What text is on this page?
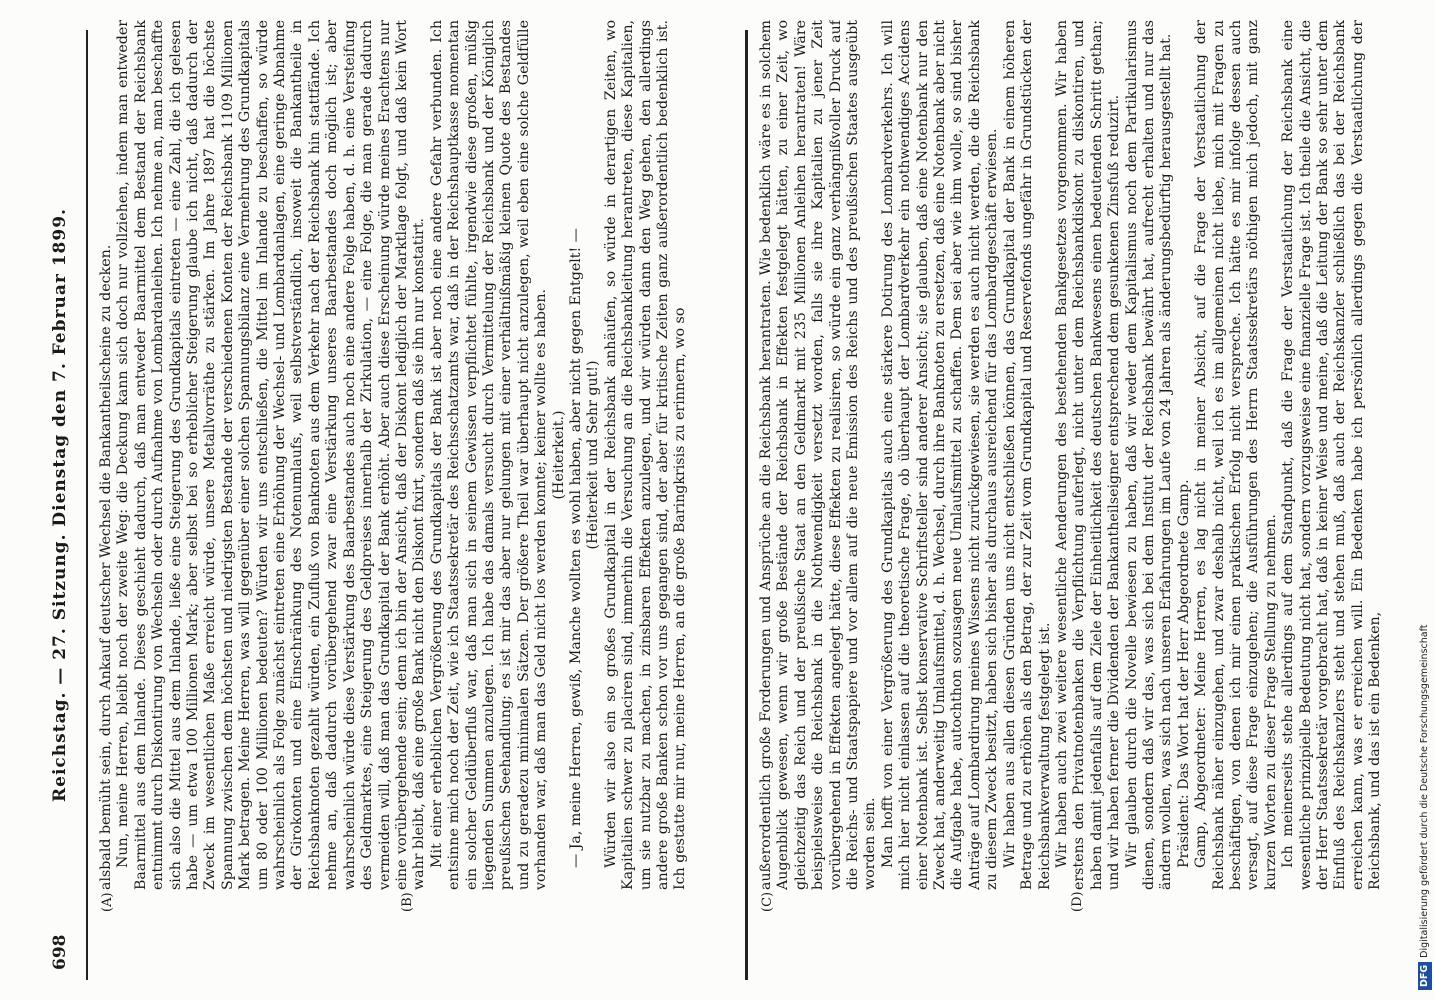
698
Reichstag. — 27. Sitzung. Dienstag den 7. Februar 1899.
(A)	(B)	(C)	(D)

alsbald bemüht sein, durch Ankauf deutscher Wechsel die Bankantheilscheine zu decken. Nun, meine Herren, bleibt noch der zweite Weg: die Deckung kann sich doch nur vollziehen, indem man entweder Baarmittel aus dem Inlande. Dieses geschieht dadurch, daß man entweder Baarmittel dem Bestand der Reichsbank entnimmt durch Diskontirung von Wechseln oder durch Aufnahme von Lombardanleihen. Ich nehme an, man beschaffte sich also die Mittel aus dem Inlande, ließe eine Steigerung des Grundkapitals eintreten — eine Zahl, die ich gelesen habe — um etwa 100 Millionen Mark; aber selbst bei so erheblicher Steigerung glaube ich nicht, daß dadurch der Zweck im wesentlichen Maße erreicht würde, unsere Metallvorräthe zu stärken. Im Jahre 1897 hat die höchste Spannung zwischen dem höchsten und niedrigsten Bestande der verschiedenen Konten der Reichsbank 1109 Millionen Mark betragen. Meine Herren, was will gegenüber einer solchen Spannungsbilanz eine Vermehrung des Grundkapitals um 80 oder 100 Millionen bedeuten? Würden wir uns entschließen, die Mittel im Inlande zu beschaffen, so würde wahrscheinlich als Folge zunächst eintreten eine Erhöhung der Wechsel- und Lombardanlagen, eine geringe Abnahme der Girokonten und eine Einschränkung des Notenumlaufs, weil selbstverständlich, insoweit die Bankantheile in Reichsbanknoten gezahlt würden, ein Zufluß von Banknoten aus dem Verkehr nach der Reichsbank hin stattfände. Ich nehme an, daß dadurch vorübergehend zwar eine Verstärkung unseres Baarbestandes doch möglich ist; aber wahrscheinlich würde diese Verstärkung des Baarbestandes auch noch eine andere Folge haben, d. h. eine Versteifung des Geldmarktes, eine Steigerung des Geldpreises innerhalb der Zirkulation, — eine Folge, die man gerade dadurch vermeiden will, daß man das Grundkapital der Bank erhöht. Aber auch diese Erscheinung würde meines Erachtens nur eine vorübergehende sein; denn ich bin der Ansicht, daß der Diskont lediglich der Marktlage folgt, und daß kein Wort wahr bleibt, daß eine große Bank nicht den Diskont fixirt, sondern daß sie ihn nur konstatirt. Mit einer erheblichen Vergrößerung des Grundkapitals der Bank ist aber noch eine andere Gefahr verbunden. Ich entsinne mich noch der Zeit, wie ich Staatssekretär des Reichsschatzamts war, daß in der Reichshauptkasse momentan ein solcher Geldüberfluß war, daß man sich in seinem Gewissen verpflichtet fühlte, irgendwie diese großen, müßig liegenden Summen anzulegen. Ich habe das damals versucht durch Vermittelung der Reichsbank und der Königlich preußischen Seehandlung; es ist mir das aber nur gelungen mit einer verhältnißmäßig kleinen Quote des Bestandes und zu geradezu minimalen Sätzen. Der größere Theil war überhaupt nicht anzulegen, weil eben eine solche Geldfülle vorhanden war, daß man das Geld nicht los werden konnte; keiner wollte es haben. (Heiterkeit.) — Ja, meine Herren, gewiß, Manche wollten es wohl haben, aber nicht gegen Entgelt! — (Heiterkeit und Sehr gut!) Würden wir also ein so großes Grundkapital in der Reichsbank anhäufen, so würde in derartigen Zeiten, wo Kapitalien schwer zu placiren sind, immerhin die Versuchung an die Reichsbankleitung herantreten, diese Kapitalien, um sie nutzbar zu machen, in zinsbaren Effekten anzulegen, und wir würden dann den Weg gehen, den allerdings andere große Banken schon vor uns gegangen sind, der aber für kritische Zeiten ganz außerordentlich bedenklich ist. Ich gestatte mir nur, meine Herren, an die große Baringkrisis zu erinnern, wo so	außerordentlich große Forderungen und Ansprüche an die Reichsbank herantraten. Wie bedenklich wäre es in solchem Augenblick gewesen, wenn wir große Bestände der Reichsbank in Effekten festgelegt hätten, zu einer Zeit, wo gleichzeitig das Reich und der preußische Staat an den Geldmarkt mit 235 Millionen Anleihen herantraten! Wäre beispielsweise die Reichsbank in die Nothwendigkeit versetzt worden, falls sie ihre Kapitalien zu jener Zeit vorübergehend in Effekten angelegt hätte, diese Effekten zu realisiren, so würde ein ganz verhängnißvoller Druck auf die Reichs- und Staatspapiere und vor allem auf die neue Emission des Reichs und des preußischen Staates ausgeübt worden sein. Man hofft von einer Vergrößerung des Grundkapitals auch eine stärkere Dotirung des Lombardverkehrs. Ich will mich hier nicht einlassen auf die theoretische Frage, ob überhaupt der Lombardverkehr ein nothwendiges Accidens einer Notenbank ist. Selbst konservative Schriftsteller sind anderer Ansicht; sie glauben, daß eine Notenbank nur den Zweck hat, anderweitig Umlaufsmittel, d. h. Wechsel, durch ihre Banknoten zu ersetzen, daß eine Notenbank aber nicht die Aufgabe habe, autochthon sozusagen neue Umlaufsmittel zu schaffen. Dem sei aber wie ihm wolle, so sind bisher Anträge auf Lombardirung meines Wissens nicht zurückgewiesen, sie werden es auch nicht werden, die die Reichsbank zu diesem Zweck besitzt, haben sich bisher als durchaus ausreichend für das Lombardgeschäft erwiesen. Wir haben aus allen diesen Gründen uns nicht entschließen können, das Grundkapital der Bank in einem höheren Betrage und zu erhöhen als den Betrag, der zur Zeit vom Grundkapital und Reservefonds ungefähr in Grundstücken der Reichsbankverwaltung festgelegt ist. Wir haben auch zwei weitere wesentliche Aenderungen des bestehenden Bankgesetzes vorgenommen. Wir haben erstens den Privatnotenbanken die Verpflichtung auferlegt, nicht unter dem Reichsbankdiskont zu diskontiren, und haben damit jedenfalls auf dem Ziele der Einheitlichkeit des deutschen Bankwesens einen bedeutenden Schritt gethan; und wir haben ferner die Dividenden der Bankantheilseigner entsprechend dem gesunkenen Zinsfuß reduzirt. Wir glauben durch die Novelle bewiesen zu haben, daß wir weder dem Kapitalismus noch dem Partikularismus dienen, sondern daß wir das, was sich bei dem Institut der Reichsbank bewährt hat, aufrecht erhalten und nur das ändern wollen, was sich nach unseren Erfahrungen im Laufe von 24 Jahren als änderungsbedürftig herausgestellt hat. Präsident: Das Wort hat der Herr Abgeordnete Gamp. Gamp, Abgeordneter: Meine Herren, es lag nicht in meiner Absicht, auf die Frage der Verstaatlichung der Reichsbank näher einzugehen, und zwar deshalb nicht, weil ich es im allgemeinen nicht liebe, mich mit Fragen zu beschäftigen, von denen ich mir einen praktischen Erfolg nicht verspreche. Ich hätte es mir infolge dessen auch versagt, auf diese Frage einzugehen; die Ausführungen des Herrn Staatssekretärs nöthigen mich jedoch, mit ganz kurzen Worten zu dieser Frage Stellung zu nehmen. Ich meinerseits stehe allerdings auf dem Standpunkt, daß die Frage der Verstaatlichung der Reichsbank eine wesentliche prinzipielle Bedeutung nicht hat, sondern vorzugsweise eine finanzielle Frage ist. Ich theile die Ansicht, die der Herr Staatssekretär vorgebracht hat, daß in keiner Weise und meine, daß die Leitung der Bank so sehr unter dem Einfluß des Reichskanzlers steht und stehen muß, daß auch der Reichskanzler schließlich das bei der Reichsbank erreichen kann, was er erreichen will. Ein Bedenken habe ich persönlich allerdings gegen die Verstaatlichung der Reichsbank, und das ist ein Bedenken,

DFGDigitalisierung gefördert durch die Deutsche Forschungsgemeinschaft
